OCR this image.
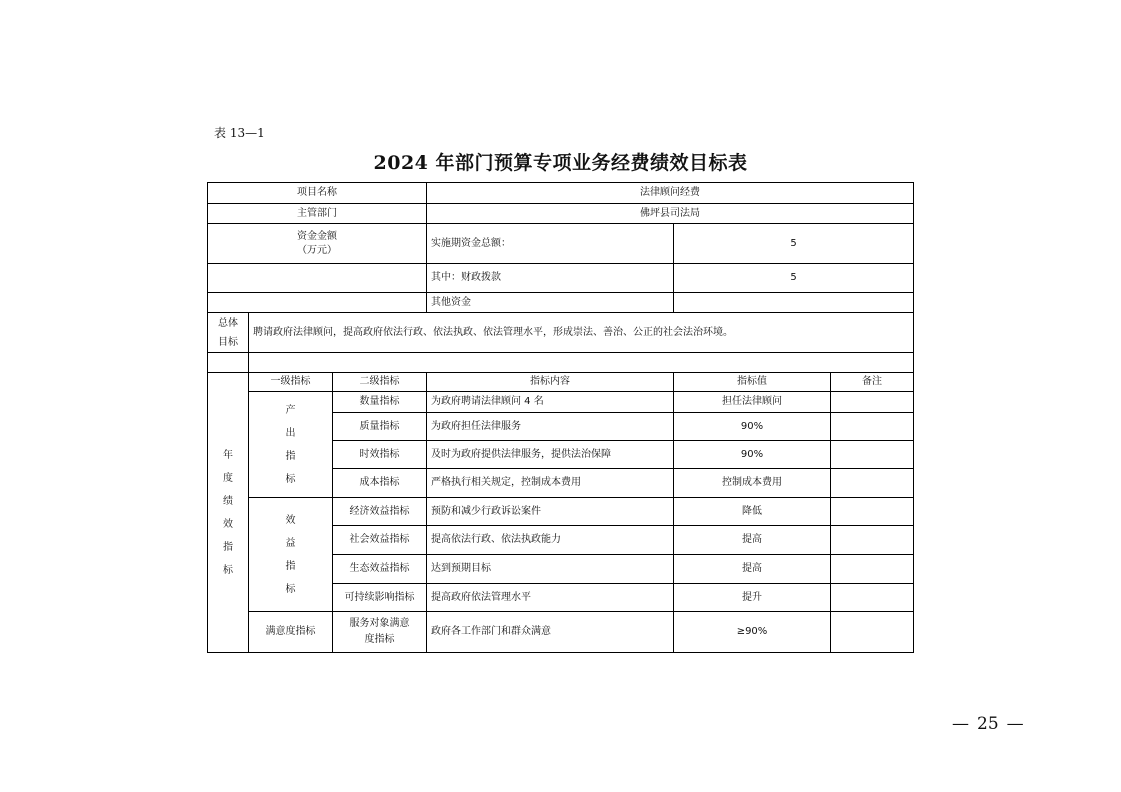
表 13—1
2024 年部门预算专项业务经费绩效目标表
项目名称			法律顾问经费		
主管部门			佛坪县司法局		

资金金额
（万元）			实施期资金总额：	5	
			其中：财政拨款	5	
			其他资金		

总体目标	聘请政府法律顾问，提高政府依法行政、依法执政、依法管理水平，形成崇法、善治、公正的社会法治环境。				

年度绩效指标	一级指标	二级指标	指标内容	指标值	备注
	产出指标	数量指标	为政府聘请法律顾问 4 名	担任法律顾问	
		质量指标	为政府担任法律服务	90%	
		时效指标	及时为政府提供法律服务，提供法治保障	90%	
		成本指标	严格执行相关规定，控制成本费用	控制成本费用	
	效益指标	经济效益指标	预防和减少行政诉讼案件	降低	
		社会效益指标	提高依法行政、依法执政能力	提高	
		生态效益指标	达到预期目标	提高	
		可持续影响指标	提高政府依法管理水平	提升	
	满意度指标	服务对象满意度指标	政府各工作部门和群众满意	≥90%	
— 25 —
